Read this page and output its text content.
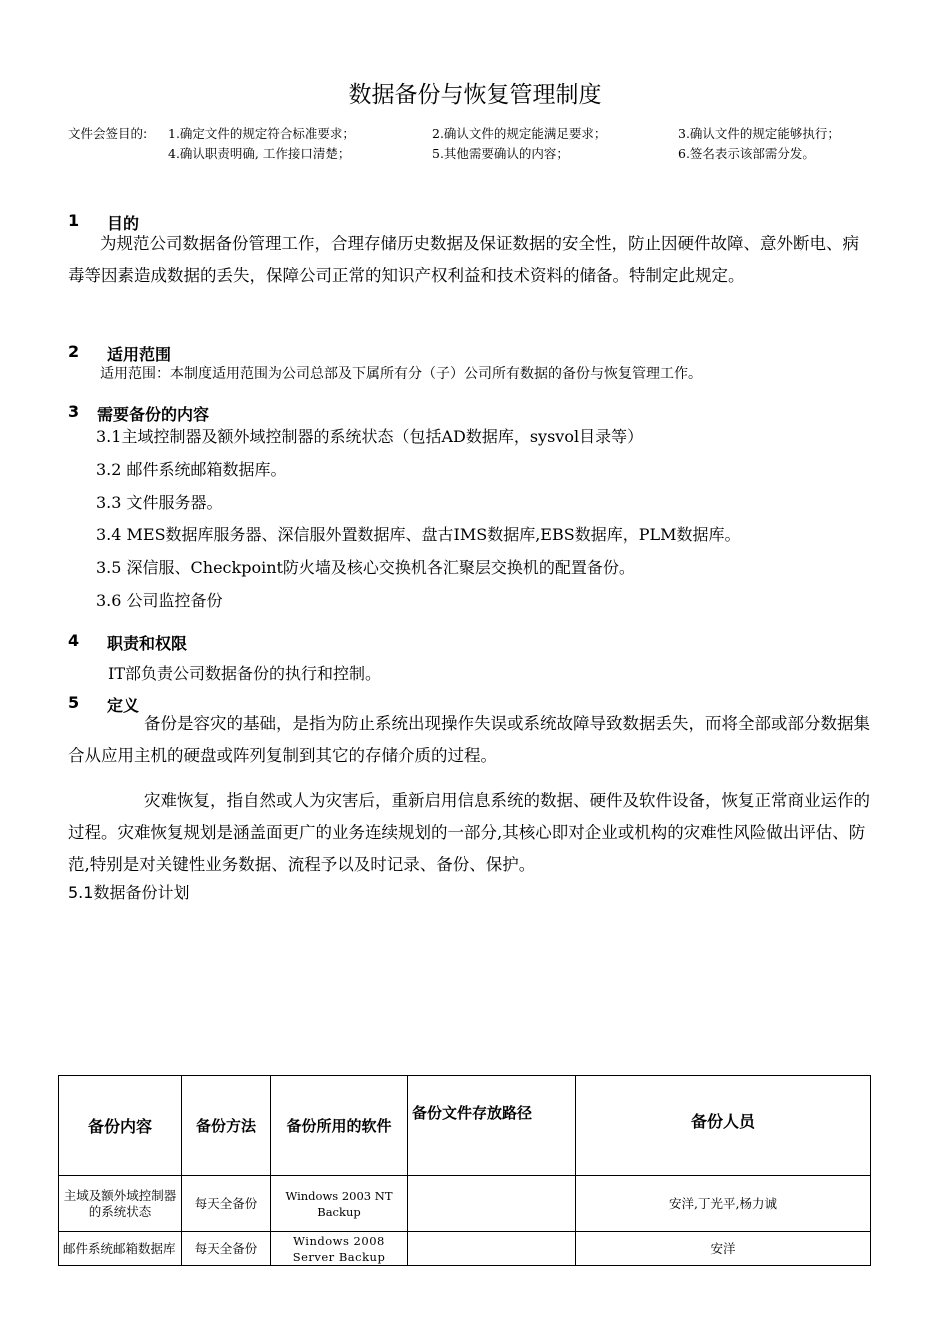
数据备份与恢复管理制度
文件会签目的: 1.确定文件的规定符合标准要求；	2.确认文件的规定能满足要求；	3.确认文件的规定能够执行；
4.确认职责明确, 工作接口清楚；	5.其他需要确认的内容；	6.签名表示该部需分发。
1 目的
为规范公司数据备份管理工作，合理存储历史数据及保证数据的安全性，防止因硬件故障、意外断电、病毒等因素造成数据的丢失，保障公司正常的知识产权利益和技术资料的储备。特制定此规定。
2 适用范围
适用范围：本制度适用范围为公司总部及下属所有分（子）公司所有数据的备份与恢复管理工作。
3 需要备份的内容
3.1主域控制器及额外域控制器的系统状态（包括AD数据库，sysvol目录等）
3.2 邮件系统邮箱数据库。
3.3 文件服务器。
3.4 MES数据库服务器、深信服外置数据库、盘古IMS数据库,EBS数据库，PLM数据库。
3.5 深信服、Checkpoint防火墙及核心交换机各汇聚层交换机的配置备份。
3.6 公司监控备份
4 职责和权限
IT部负责公司数据备份的执行和控制。
5 定义
备份是容灾的基础，是指为防止系统出现操作失误或系统故障导致数据丢失，而将全部或部分数据集合从应用主机的硬盘或阵列复制到其它的存储介质的过程。
灾难恢复，指自然或人为灾害后，重新启用信息系统的数据、硬件及软件设备，恢复正常商业运作的过程。灾难恢复规划是涵盖面更广的业务连续规划的一部分,其核心即对企业或机构的灾难性风险做出评估、防范,特别是对关键性业务数据、流程予以及时记录、备份、保护。
5.1数据备份计划
备份内容	备份方法	备份所用的软件	备份文件存放路径	备份人员
主域及额外域控制器的系统状态	每天全备份	Windows 2003 NT Backup		安洋,丁光平,杨力诚
邮件系统邮箱数据库	每天全备份	Windows 2008 Server Backup		安洋
